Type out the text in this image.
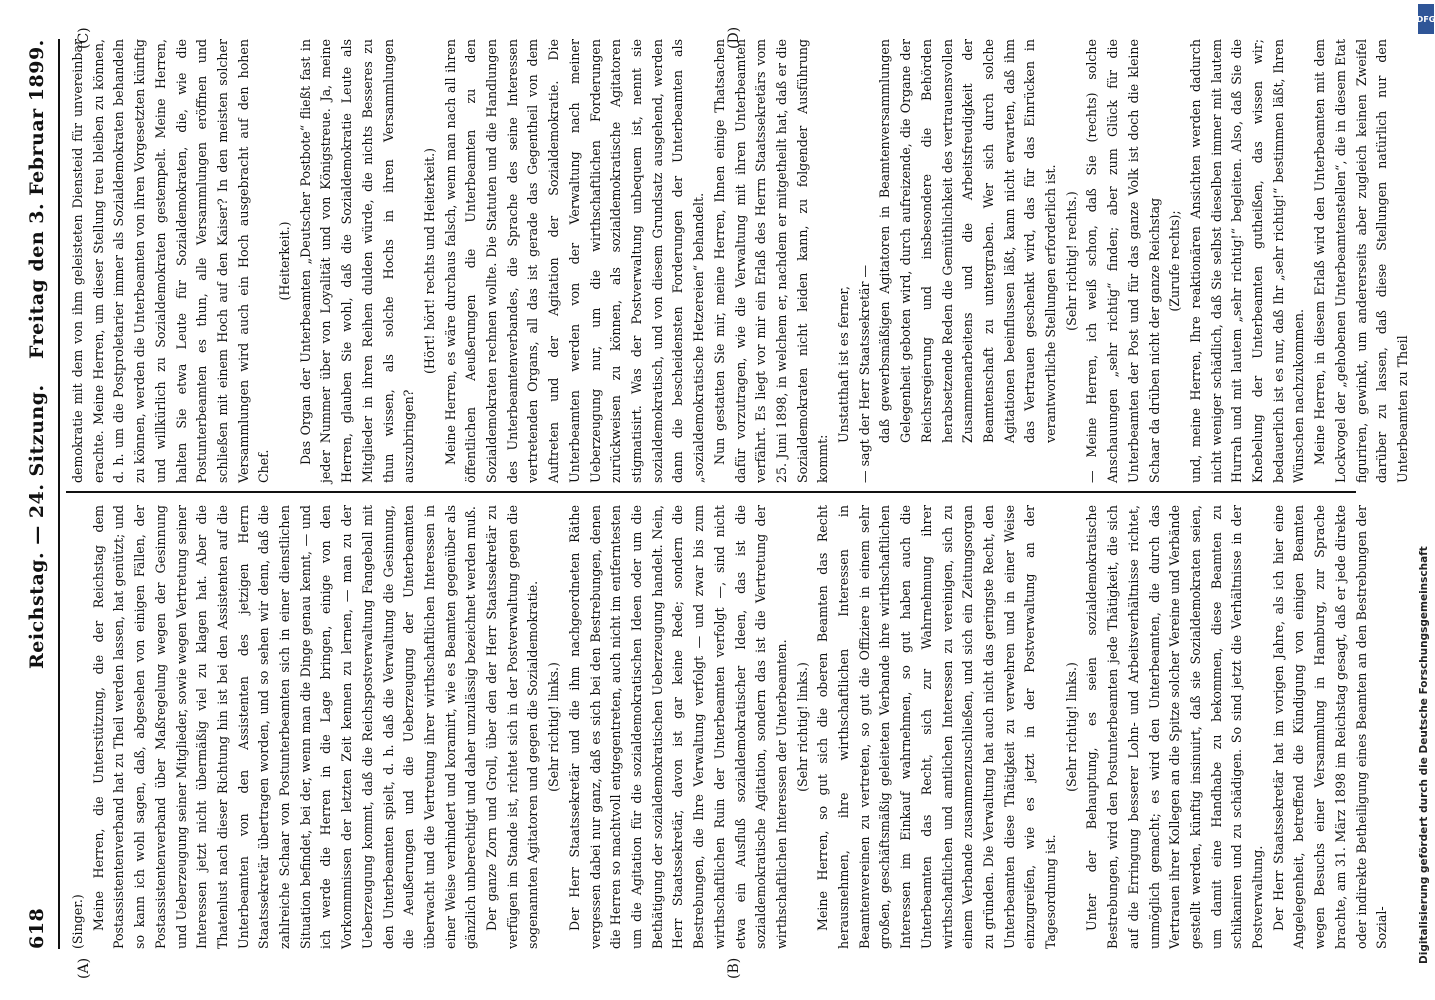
618
Reichstag. — 24. Sitzung.
Freitag den 3. Februar 1899.
(A)	(B)
(C)	(D)

(Singer.) Meine Herren, die Unterstützung, die der Reichstag dem Postassistentenverband hat zu Theil werden lassen, hat genützt; und so kann ich wohl sagen, daß, abgesehen von einigen Fällen, der Postassistentenverband über Maßregelung wegen der Gesinnung und Ueberzeugung seiner Mitglieder, sowie wegen Vertretung seiner Interessen jetzt nicht übermäßig viel zu klagen hat. Aber die Thatenlust nach dieser Richtung hin ist bei den Assistenten auf die Unterbeamten von den Assistenten des jetzigen Herrn Staatssekretär übertragen worden, und so sehen wir denn, daß die zahlreiche Schaar von Postunterbeamten sich in einer dienstlichen Situation befindet, bei der, wenn man die Dinge genau kennt, — und ich werde die Herren in die Lage bringen, einige von den Vorkommnissen der letzten Zeit kennen zu lernen, — man zu der Ueberzeugung kommt, daß die Reichspostverwaltung Fangeball mit den Unterbeamten spielt, d. h. daß die Verwaltung die Gesinnung, die Aeußerungen und die Ueberzeugung der Unterbeamten überwacht und die Vertretung ihrer wirthschaftlichen Interessen in einer Weise verhindert und koramirt, wie es Beamten gegenüber als gänzlich unberechtigt und daher unzulässig bezeichnet werden muß. Der ganze Zorn und Groll, über den der Herr Staatssekretär zu verfügen im Stande ist, richtet sich in der Postverwaltung gegen die sogenannten Agitatoren und gegen die Sozialdemokratie. (Sehr richtig! links.) Der Herr Staatssekretär und die ihm nachgeordneten Räthe vergessen dabei nur ganz, daß es sich bei den Bestrebungen, denen die Herren so machtvoll entgegentreten, auch nicht im entferntesten um die Agitation für die sozialdemokratischen Ideen oder um die Bethätigung der sozialdemokratischen Ueberzeugung handelt. Nein, Herr Staatssekretär, davon ist gar keine Rede; sondern die Bestrebungen, die Ihre Verwaltung verfolgt — und zwar bis zum wirthschaftlichen Ruin der Unterbeamten verfolgt —, sind nicht etwa ein Ausfluß sozialdemokratischer Ideen, das ist die sozialdemokratische Agitation, sondern das ist die Vertretung der wirthschaftlichen Interessen der Unterbeamten. (Sehr richtig! links.) Meine Herren, so gut sich die oberen Beamten das Recht herausnehmen, ihre wirthschaftlichen Interessen in Beamtenvereinen zu vertreten, so gut die Offiziere in einem sehr großen, geschäftsmäßig geleiteten Verbande ihre wirthschaftlichen Interessen im Einkauf wahrnehmen, so gut haben auch die Unterbeamten das Recht, sich zur Wahrnehmung ihrer wirthschaftlichen und amtlichen Interessen zu vereinigen, sich zu einem Verbande zusammenzuschließen, und sich ein Zeitungsorgan zu gründen. Die Verwaltung hat auch nicht das geringste Recht, den Unterbeamten diese Thätigkeit zu verwehren und in einer Weise einzugreifen, wie es jetzt in der Postverwaltung an der Tagesordnung ist.

(Sehr richtig! links.) Unter der Behauptung, es seien sozialdemokratische Bestrebungen, wird den Postunterbeamten jede Thätigkeit, die sich auf die Erringung besserer Lohn- und Arbeitsverhältnisse richtet, unmöglich gemacht; es wird den Unterbeamten, die durch das Vertrauen ihrer Kollegen an die Spitze solcher Vereine und Verbände gestellt werden, künftig insinuirt, daß sie Sozialdemokraten seien, um damit eine Handhabe zu bekommen, diese Beamten zu schikaniren und zu schädigen. So sind jetzt die Verhältnisse in der Postverwaltung. Der Herr Staatssekretär hat im vorigen Jahre, als ich hier eine Angelegenheit, betreffend die Kündigung von einigen Beamten wegen Besuchs einer Versammlung in Hamburg, zur Sprache brachte, am 31. März 1898 im Reichstag gesagt, daß er jede direkte oder indirekte Betheiligung eines Beamten an den Bestrebungen der Sozial-

demokratie mit dem von ihm geleisteten Diensteid für unvereinbar erachte. Meine Herren, um dieser Stellung treu bleiben zu können, d. h. um die Postproletarier immer als Sozialdemokraten behandeln zu können, werden die Unterbeamten von ihren Vorgesetzten künftig und willkürlich zu Sozialdemokraten gestempelt. Meine Herren, halten Sie etwa Leute für Sozialdemokraten, die, wie die Postunterbeamten es thun, alle Versammlungen eröffnen und schließen mit einem Hoch auf den Kaiser? In den meisten solcher Versammlungen wird auch ein Hoch ausgebracht auf den hohen Chef.

(Heiterkeit.) Das Organ der Unterbeamten „Deutscher Postbote“ fließt fast in jeder Nummer über von Loyalität und von Königstreue. Ja, meine Herren, glauben Sie wohl, daß die Sozialdemokratie Leute als Mitglieder in ihren Reihen dulden würde, die nichts Besseres zu thun wissen, als solche Hochs in ihren Versammlungen auszubringen?

(Hört! hört! rechts und Heiterkeit.) Meine Herren, es wäre durchaus falsch, wenn man nach all ihren öffentlichen Aeußerungen die Unterbeamten zu den Sozialdemokraten rechnen wollte. Die Statuten und die Handlungen des Unterbeamtenverbandes, die Sprache des seine Interessen vertretenden Organs, all das ist gerade das Gegentheil von dem Auftreten und der Agitation der Sozialdemokratie. Die Unterbeamten werden von der Verwaltung nach meiner Ueberzeugung nur, um die wirthschaftlichen Forderungen zurückweisen zu können, als sozialdemokratische Agitatoren stigmatisirt. Was der Postverwaltung unbequem ist, nennt sie sozialdemokratisch, und von diesem Grundsatz ausgehend, werden dann die bescheidensten Forderungen der Unterbeamten als „sozialdemokratische Hetzereien“ behandelt. Nun gestatten Sie mir, meine Herren, Ihnen einige Thatsachen dafür vorzutragen, wie die Verwaltung mit ihren Unterbeamten verfährt. Es liegt vor mir ein Erlaß des Herrn Staatssekretärs vom 25. Juni 1898, in welchem er, nachdem er mitgetheilt hat, daß er die Sozialdemokraten nicht leiden kann, zu folgender Ausführung kommt:

Unstatthaft ist es ferner, — sagt der Herr Staatssekretär — daß gewerbsmäßigen Agitatoren in Beamtenversammlungen Gelegenheit geboten wird, durch aufreizende, die Organe der Reichsregierung und insbesondere die Behörden herabsetzende Reden die Gemüthlichkeit des vertrauensvollen Zusammenarbeitens und die Arbeitsfreudigkeit der Beamtenschaft zu untergraben. Wer sich durch solche Agitationen beeinflussen läßt, kann nicht erwarten, daß ihm das Vertrauen geschenkt wird, das für das Einrücken in verantwortliche Stellungen erforderlich ist. (Sehr richtig! rechts.) — Meine Herren, ich weiß schon, daß Sie (rechts) solche Anschauungen „sehr richtig“ finden; aber zum Glück für die Unterbeamten der Post und für das ganze Volk ist doch die kleine Schaar da drüben nicht der ganze Reichstag (Zurufe rechts); und, meine Herren, Ihre reaktionären Ansichten werden dadurch nicht weniger schädlich, daß Sie selbst dieselben immer mit lautem Hurrah und mit lautem „sehr richtig!“ begleiten. Also, daß Sie die Knebelung der Unterbeamten gutheißen, das wissen wir; bedauerlich ist es nur, daß Ihr „sehr richtig!“ bestimmen läßt, Ihren Wünschen nachzukommen. Meine Herren, in diesem Erlaß wird den Unterbeamten mit dem Lockvogel der „gehobenen Unterbeamtenstellen“, die in diesem Etat figuriren, gewinkt, um andererseits aber zugleich keinen Zweifel darüber zu lassen, daß diese Stellungen natürlich nur den Unterbeamten zu Theil

DFG
Digitalisierung gefördert durch die Deutsche Forschungsgemeinschaft
